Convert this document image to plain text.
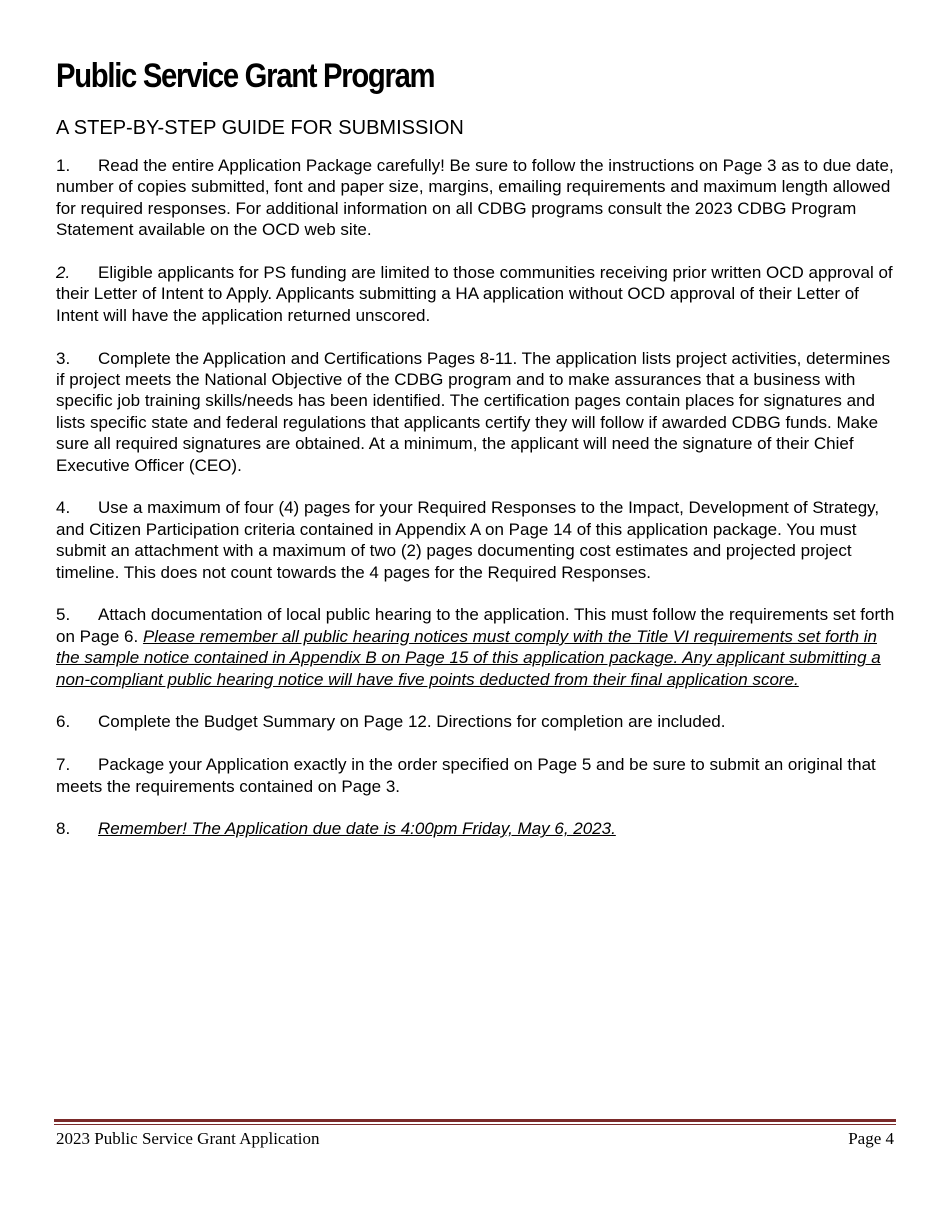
Public Service Grant Program
A STEP-BY-STEP GUIDE FOR SUBMISSION

1. Read the entire Application Package carefully! Be sure to follow the instructions on Page 3 as to due date, number of copies submitted, font and paper size, margins, emailing requirements and maximum length allowed for required responses. For additional information on all CDBG programs consult the 2023 CDBG Program Statement available on the OCD web site.

2. Eligible applicants for PS funding are limited to those communities receiving prior written OCD approval of their Letter of Intent to Apply. Applicants submitting a HA application without OCD approval of their Letter of Intent will have the application returned unscored.

3. Complete the Application and Certifications Pages 8-11. The application lists project activities, determines if project meets the National Objective of the CDBG program and to make assurances that a business with specific job training skills/needs has been identified. The certification pages contain places for signatures and lists specific state and federal regulations that applicants certify they will follow if awarded CDBG funds. Make sure all required signatures are obtained. At a minimum, the applicant will need the signature of their Chief Executive Officer (CEO).

4. Use a maximum of four (4) pages for your Required Responses to the Impact, Development of Strategy, and Citizen Participation criteria contained in Appendix A on Page 14 of this application package. You must submit an attachment with a maximum of two (2) pages documenting cost estimates and projected project timeline. This does not count towards the 4 pages for the Required Responses.

5. Attach documentation of local public hearing to the application. This must follow the requirements set forth on Page 6. Please remember all public hearing notices must comply with the Title VI requirements set forth in the sample notice contained in Appendix B on Page 15 of this application package. Any applicant submitting a non-compliant public hearing notice will have five points deducted from their final application score.

6. Complete the Budget Summary on Page 12. Directions for completion are included.

7. Package your Application exactly in the order specified on Page 5 and be sure to submit an original that meets the requirements contained on Page 3.

8. Remember! The Application due date is 4:00pm Friday, May 6, 2023.

2023 Public Service Grant Application	Page 4
